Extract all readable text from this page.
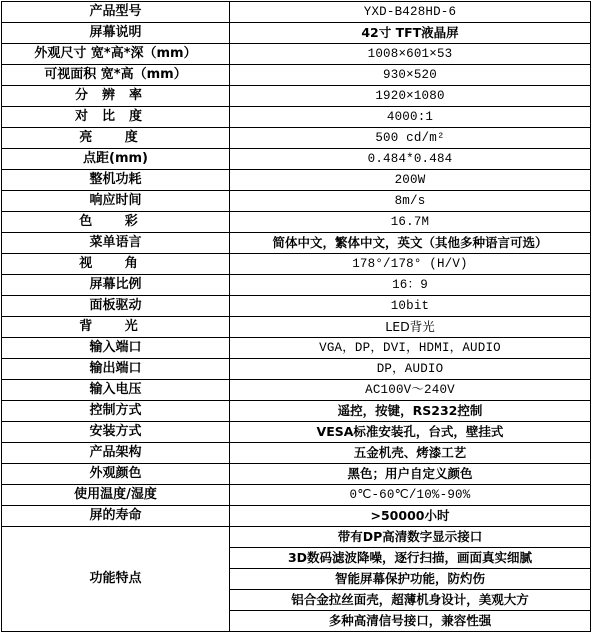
产品型号	YXD-B428HD-6
屏幕说明	42寸 TFT液晶屏
外观尺寸 宽*高*深（mm）	1008×601×53
可视面积 宽*高（mm）	930×520
分辨率	1920×1080
对比度	4000:1
亮 度	500 cd/m²
点距(mm)	0.484*0.484
整机功耗	200W
响应时间	8m/s
色 彩	16.7M
菜单语言	简体中文，繁体中文，英文（其他多种语言可选）
视 角	178°/178° (H/V)
屏幕比例	16：9
面板驱动	10bit
背 光	LED背光
输入端口	VGA，DP，DVI，HDMI，AUDIO
输出端口	DP，AUDIO
输入电压	AC100V～240V
控制方式	遥控，按键，RS232控制
安装方式	VESA标准安装孔，台式，壁挂式
产品架构	五金机壳、烤漆工艺
外观颜色	黑色；用户自定义颜色
使用温度/湿度	0℃-60℃/10%-90%
屏的寿命	>50000小时
功能特点	带有DP高清数字显示接口
	3D数码滤波降噪，逐行扫描，画面真实细腻
	智能屏幕保护功能，防灼伤
	铝合金拉丝面壳，超薄机身设计，美观大方
	多种高清信号接口，兼容性强
